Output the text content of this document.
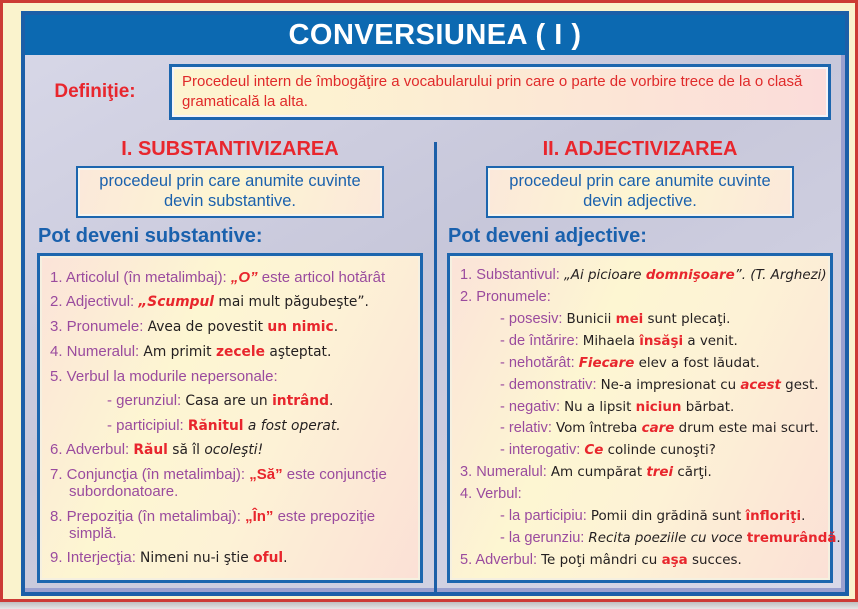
CONVERSIUNEA ( I )
Definiţie:	Procedeul intern de îmbogăţire a vocabularului prin care o parte de vorbire trece de la o clasă gramaticală la alta.
I. SUBSTANTIVIZAREA
procedeul prin care anumite cuvinte devin substantive.
Pot deveni substantive:
1. Articolul (în metalimbaj): „O” este articol hotărât
2. Adjectivul: „Scumpul mai mult păgubeşte”.
3. Pronumele: Avea de povestit un nimic.
4. Numeralul: Am primit zecele aşteptat.
5. Verbul la modurile nepersonale:
- gerunziul: Casa are un intrând.
- participiul: Rănitul a fost operat.
6. Adverbul: Răul să îl ocoleşti!
7. Conjuncţia (în metalimbaj): „Să” este conjuncţie
subordonatoare.
8. Prepoziţia (în metalimbaj): „În” este prepoziţie
simplă.
9. Interjecţia: Nimeni nu-i ştie oful.
II. ADJECTIVIZAREA
procedeul prin care anumite cuvinte devin adjective.
Pot deveni adjective:
1. Substantivul: „Ai picioare domnişoare”. (T. Arghezi)
2. Pronumele:
- posesiv: Bunicii mei sunt plecaţi.
- de întărire: Mihaela însăşi a venit.
- nehotărât: Fiecare elev a fost lăudat.
- demonstrativ: Ne-a impresionat cu acest gest.
- negativ: Nu a lipsit niciun bărbat.
- relativ: Vom întreba care drum este mai scurt.
- interogativ: Ce colinde cunoşti?
3. Numeralul: Am cumpărat trei cărţi.
4. Verbul:
- la participiu: Pomii din grădină sunt înfloriţi.
- la gerunziu: Recita poeziile cu voce tremurândă.
5. Adverbul: Te poţi mândri cu aşa succes.
